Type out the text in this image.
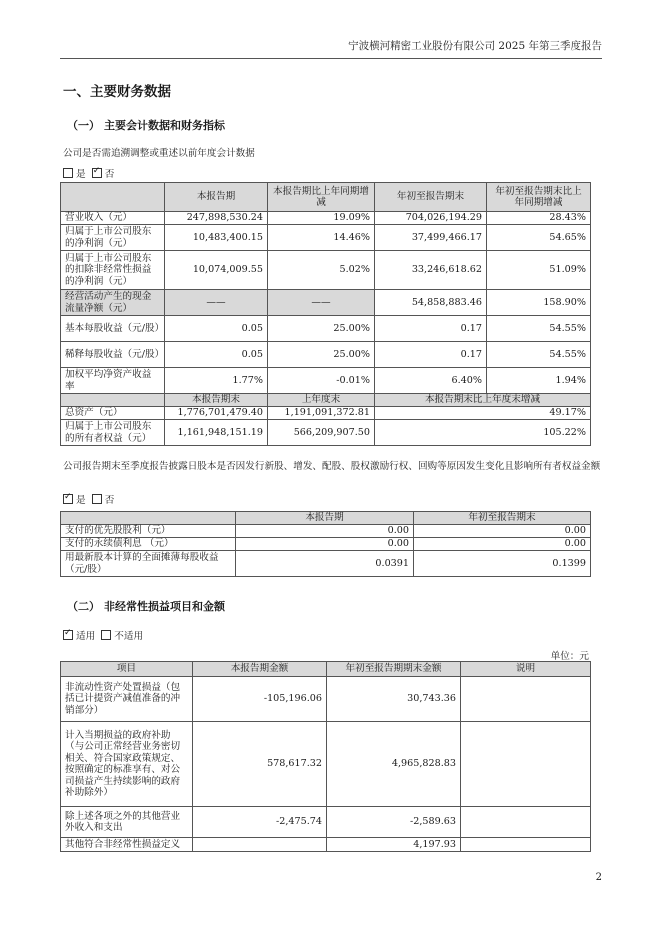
宁波横河精密工业股份有限公司 2025 年第三季度报告
一、主要财务数据
（一） 主要会计数据和财务指标
公司是否需追溯调整或重述以前年度会计数据
是 ✓ 否
	本报告期	本报告期比上年同期增减	年初至报告期末	年初至报告期末比上年同期增减
营业收入（元）	247,898,530.24	19.09%	704,026,194.29	28.43%
归属于上市公司股东的净利润（元）	10,483,400.15	14.46%	37,499,466.17	54.65%
归属于上市公司股东的扣除非经常性损益的净利润（元）	10,074,009.55	5.02%	33,246,618.62	51.09%
经营活动产生的现金流量净额（元）	——	——	54,858,883.46	158.90%
基本每股收益（元/股）	0.05	25.00%	0.17	54.55%
稀释每股收益（元/股）	0.05	25.00%	0.17	54.55%
加权平均净资产收益率	1.77%	-0.01%	6.40%	1.94%
	本报告期末	上年度末	本报告期末比上年度末增减	
总资产（元）	1,776,701,479.40	1,191,091,372.81	49.17%	
归属于上市公司股东的所有者权益（元）	1,161,948,151.19	566,209,907.50	105.22%	
公司报告期末至季度报告披露日股本是否因发行新股、增发、配股、股权激励行权、回购等原因发生变化且影响所有者权益金额
✓是 否
	本报告期	年初至报告期末
支付的优先股股利（元）	0.00	0.00
支付的永续债利息 （元）	0.00	0.00
用最新股本计算的全面摊薄每股收益（元/股）	0.0391	0.1399
（二） 非经常性损益项目和金额
✓适用 不适用
单位：元
项目	本报告期金额	年初至报告期期末金额	说明
非流动性资产处置损益（包括已计提资产减值准备的冲销部分）	-105,196.06	30,743.36	
计入当期损益的政府补助（与公司正常经营业务密切相关、符合国家政策规定、按照确定的标准享有、对公司损益产生持续影响的政府补助除外）	578,617.32	4,965,828.83	
除上述各项之外的其他营业外收入和支出	-2,475.74	-2,589.63	
其他符合非经常性损益定义		4,197.93	
2
